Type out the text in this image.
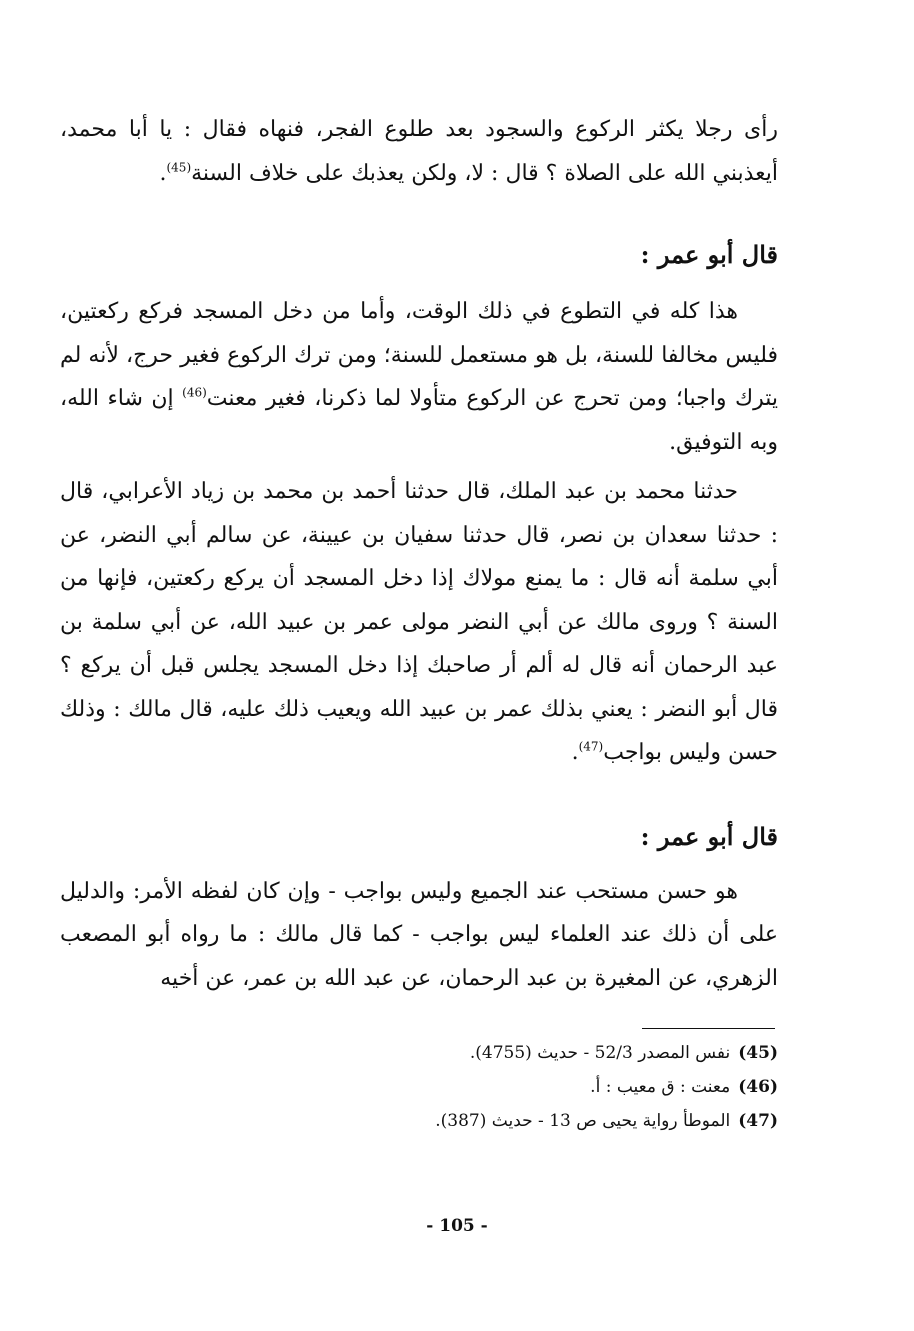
رأى رجلا يكثر الركوع والسجود بعد طلوع الفجر، فنهاه فقال : يا أبا محمد، أيعذبني الله على الصلاة ؟ قال : لا، ولكن يعذبك على خلاف السنة$^{(45)}$.

قال أبو عمر :

هذا كله في التطوع في ذلك الوقت، وأما من دخل المسجد فركع ركعتين، فليس مخالفا للسنة، بل هو مستعمل للسنة؛ ومن ترك الركوع فغير حرج، لأنه لم يترك واجبا؛ ومن تحرج عن الركوع متأولا لما ذكرنا، فغير معنت$^{(46)}$ إن شاء الله، وبه التوفيق.

حدثنا محمد بن عبد الملك، قال حدثنا أحمد بن محمد بن زياد الأعرابي، قال : حدثنا سعدان بن نصر، قال حدثنا سفيان بن عيينة، عن سالم أبي النضر، عن أبي سلمة أنه قال : ما يمنع مولاك إذا دخل المسجد أن يركع ركعتين، فإنها من السنة ؟ وروى مالك عن أبي النضر مولى عمر بن عبيد الله، عن أبي سلمة بن عبد الرحمان أنه قال له ألم أر صاحبك إذا دخل المسجد يجلس قبل أن يركع ؟ قال أبو النضر : يعني بذلك عمر بن عبيد الله ويعيب ذلك عليه، قال مالك : وذلك حسن وليس بواجب$^{(47)}$.

قال أبو عمر :

هو حسن مستحب عند الجميع وليس بواجب - وإن كان لفظه الأمر: والدليل على أن ذلك عند العلماء ليس بواجب - كما قال مالك : ما رواه أبو المصعب الزهري، عن المغيرة بن عبد الرحمان، عن عبد الله بن عمر، عن أخيه

(45)نفس المصدر 52/3 - حديث (4755).

(46)معنت : ق معيب : أ.

(47)الموطأ رواية يحيى ص 13 - حديث (387).

- 105 -
